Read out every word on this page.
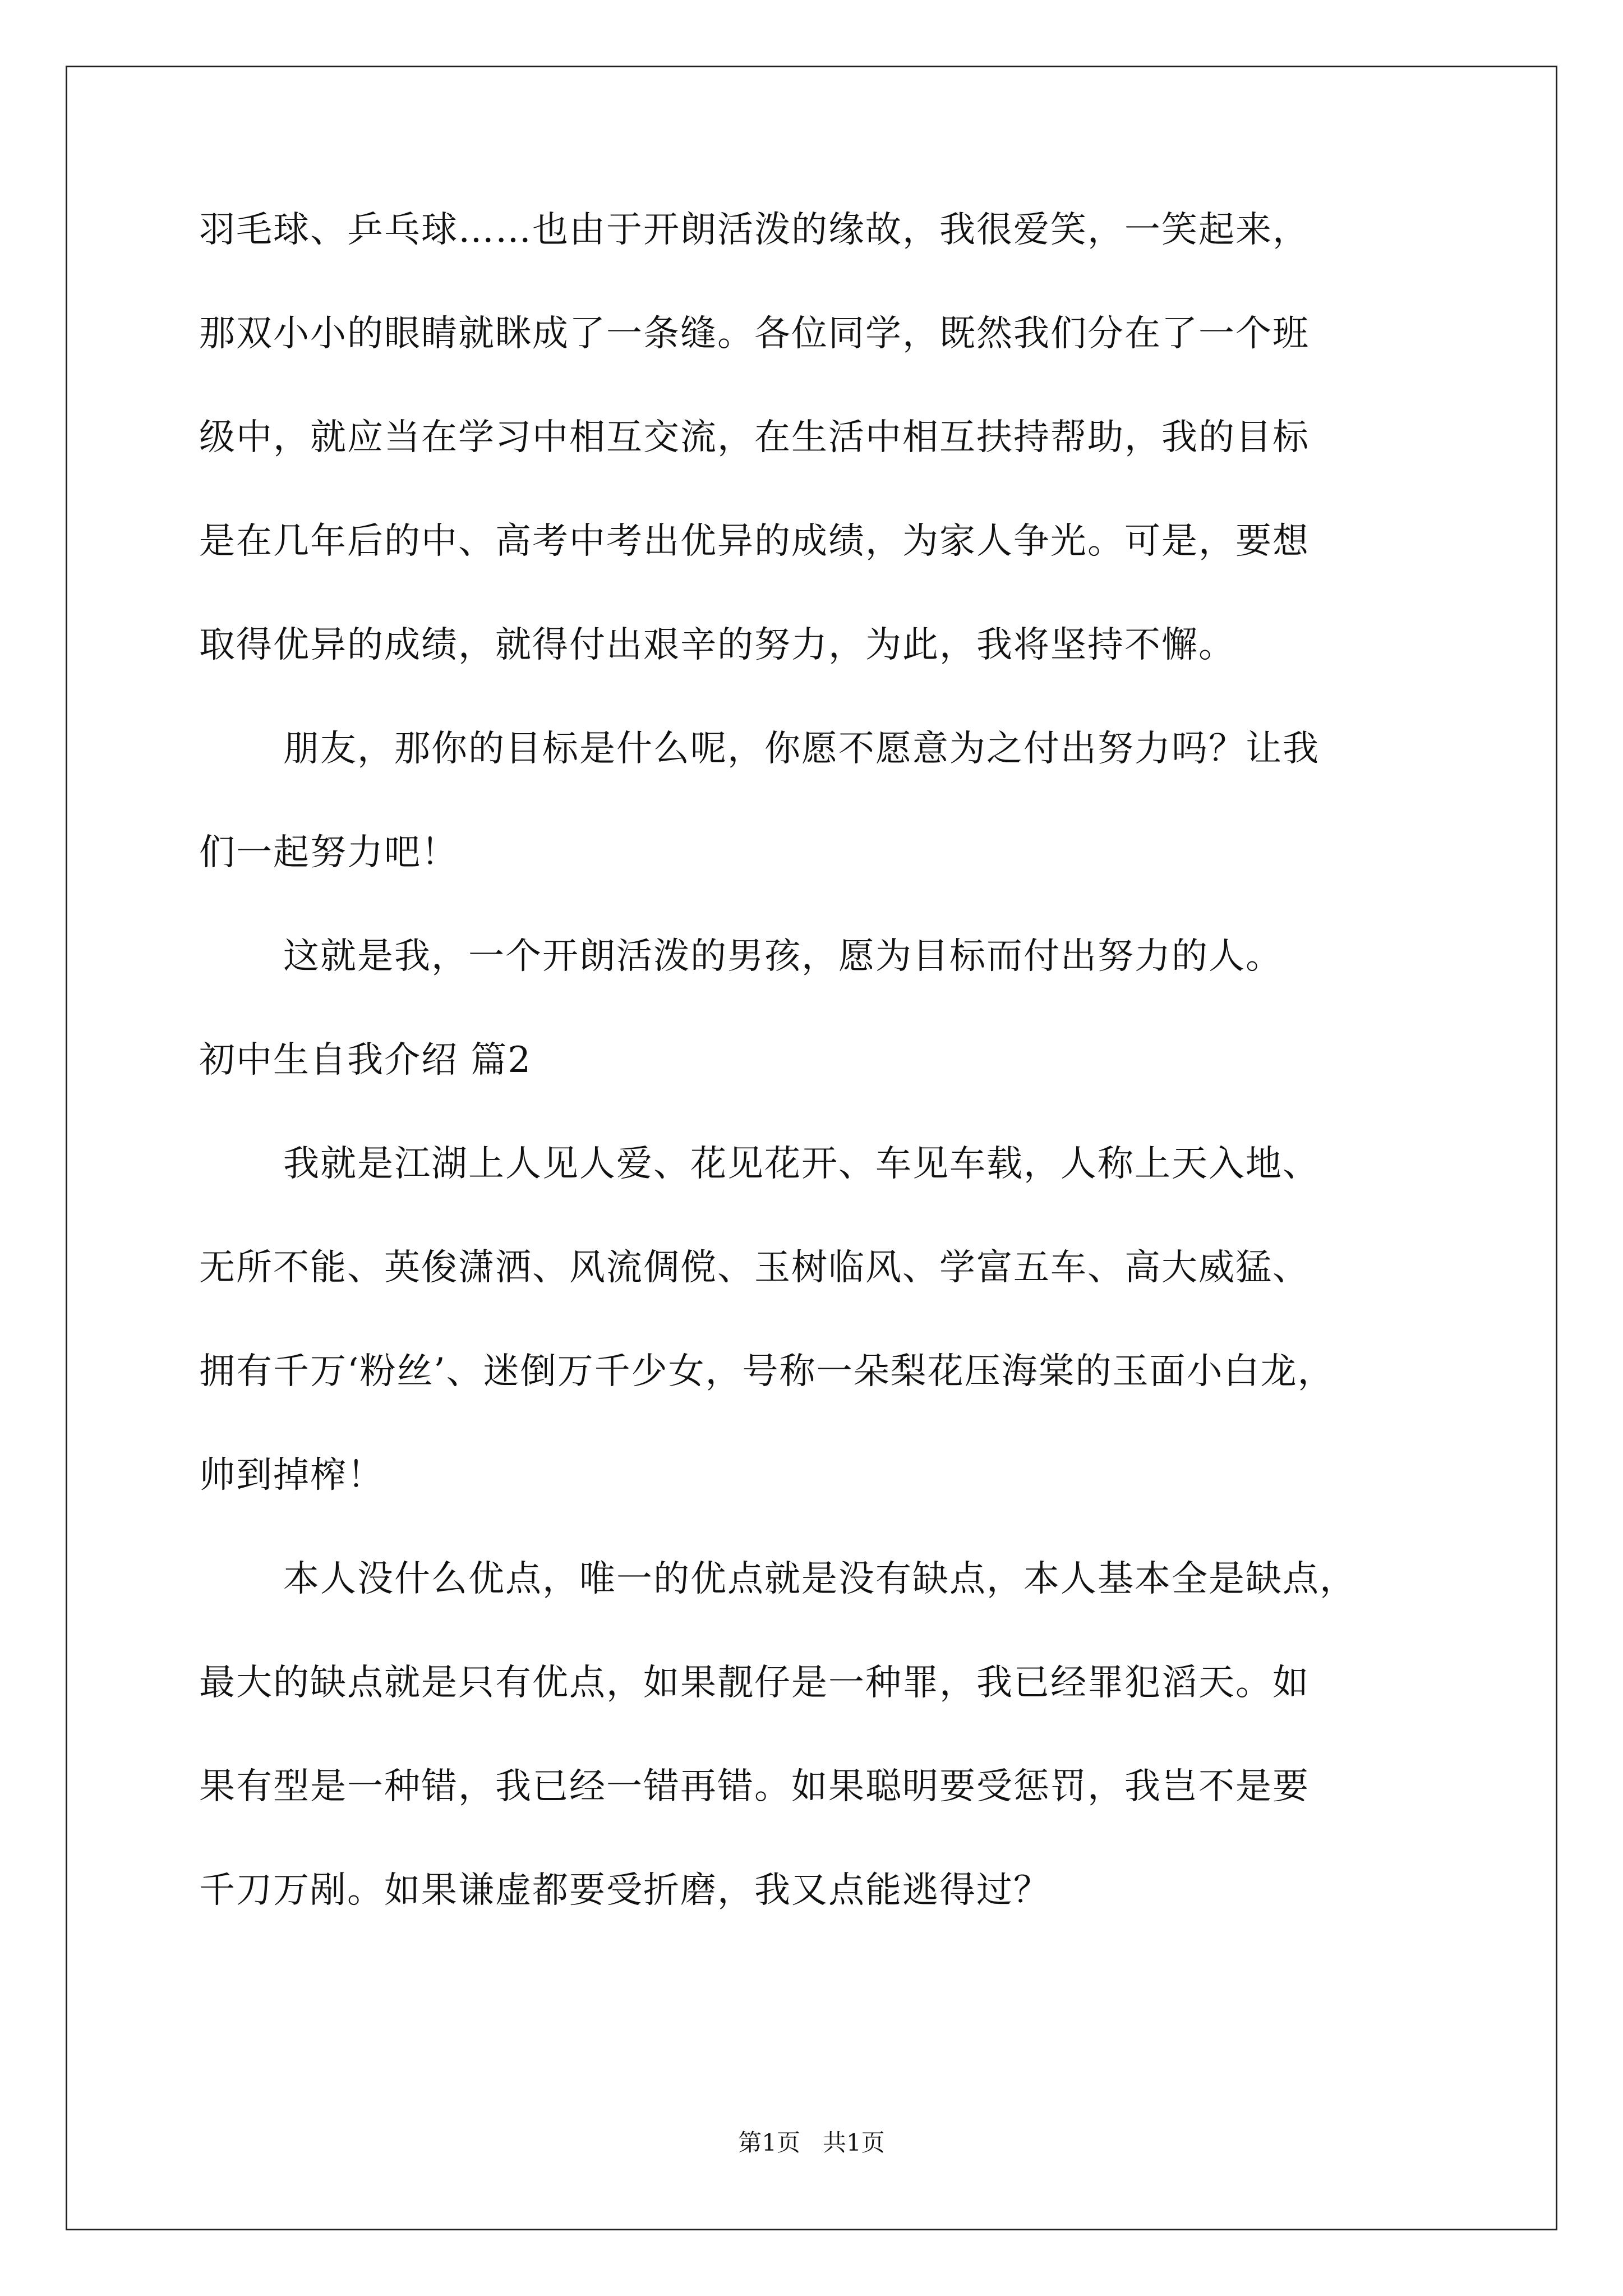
羽毛球、乒乓球……也由于开朗活泼的缘故，我很爱笑，一笑起来，
那双小小的眼睛就眯成了一条缝。各位同学，既然我们分在了一个班
级中，就应当在学习中相互交流，在生活中相互扶持帮助，我的目标
是在几年后的中、高考中考出优异的成绩，为家人争光。可是，要想
取得优异的成绩，就得付出艰辛的努力，为此，我将坚持不懈。
朋友，那你的目标是什么呢，你愿不愿意为之付出努力吗？让我
们一起努力吧！
这就是我，一个开朗活泼的男孩，愿为目标而付出努力的人。
初中生自我介绍 篇2
我就是江湖上人见人爱、花见花开、车见车载，人称上天入地、
无所不能、英俊潇洒、风流倜傥、玉树临风、学富五车、高大威猛、
拥有千万‘粉丝’、迷倒万千少女，号称一朵梨花压海棠的玉面小白龙，
帅到掉榨！
本人没什么优点，唯一的优点就是没有缺点，本人基本全是缺点，
最大的缺点就是只有优点，如果靓仔是一种罪，我已经罪犯滔天。如
果有型是一种错，我已经一错再错。如果聪明要受惩罚，我岂不是要
千刀万剐。如果谦虚都要受折磨，我又点能逃得过？
第1页   共1页
